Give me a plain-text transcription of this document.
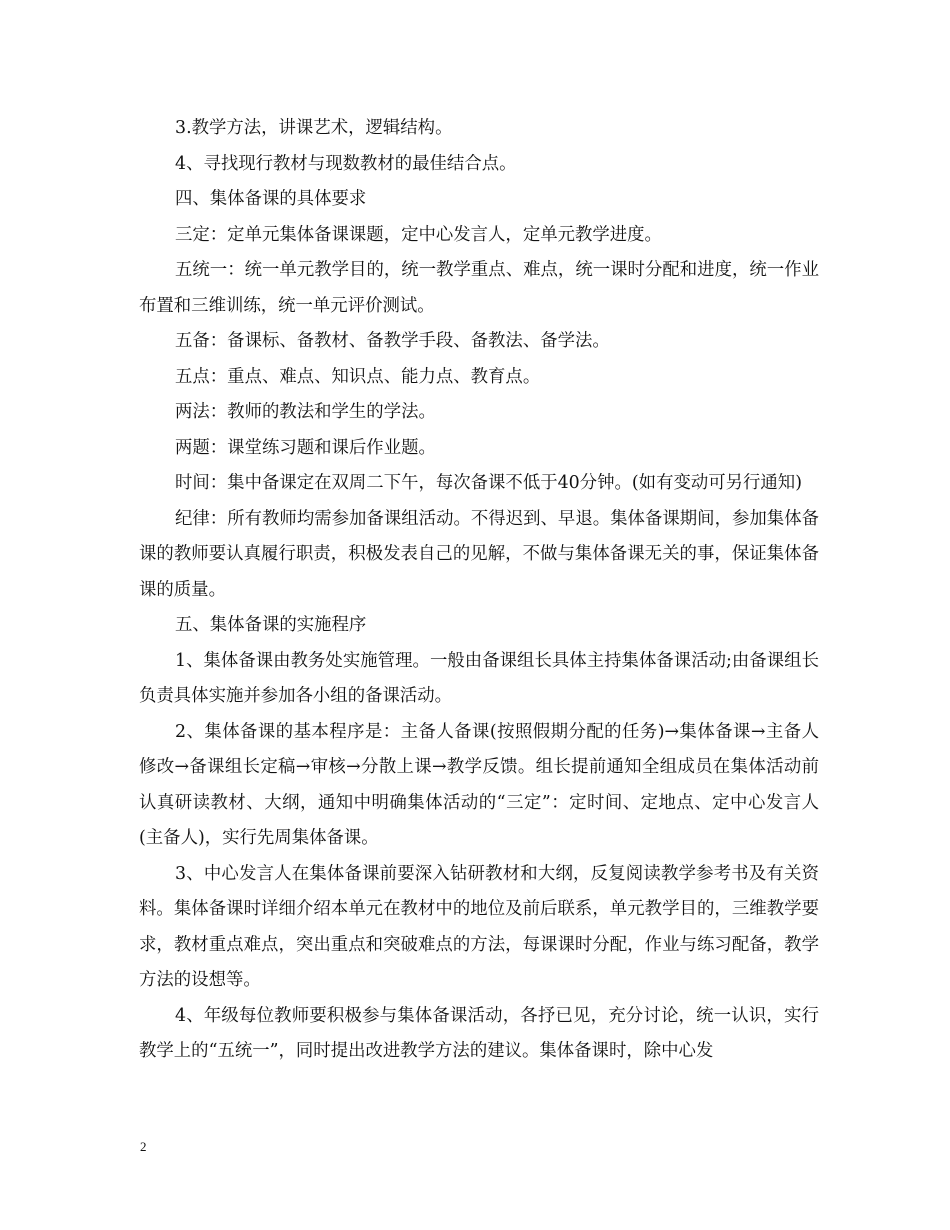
3.教学方法，讲课艺术，逻辑结构。

4、寻找现行教材与现数教材的最佳结合点。

四、集体备课的具体要求

三定：定单元集体备课课题，定中心发言人，定单元教学进度。

五统一：统一单元教学目的，统一教学重点、难点，统一课时分配和进度，统一作业布置和三维训练，统一单元评价测试。

五备：备课标、备教材、备教学手段、备教法、备学法。

五点：重点、难点、知识点、能力点、教育点。

两法：教师的教法和学生的学法。

两题：课堂练习题和课后作业题。

时间：集中备课定在双周二下午，每次备课不低于40分钟。(如有变动可另行通知)

纪律：所有教师均需参加备课组活动。不得迟到、早退。集体备课期间，参加集体备课的教师要认真履行职责，积极发表自己的见解，不做与集体备课无关的事，保证集体备课的质量。

五、集体备课的实施程序

1、集体备课由教务处实施管理。一般由备课组长具体主持集体备课活动;由备课组长负责具体实施并参加各小组的备课活动。

2、集体备课的基本程序是：主备人备课(按照假期分配的任务)→集体备课→主备人修改→备课组长定稿→审核→分散上课→教学反馈。组长提前通知全组成员在集体活动前认真研读教材、大纲，通知中明确集体活动的“三定”：定时间、定地点、定中心发言人(主备人)，实行先周集体备课。

3、中心发言人在集体备课前要深入钻研教材和大纲，反复阅读教学参考书及有关资料。集体备课时详细介绍本单元在教材中的地位及前后联系，单元教学目的，三维教学要求，教材重点难点，突出重点和突破难点的方法，每课课时分配，作业与练习配备，教学方法的设想等。

4、年级每位教师要积极参与集体备课活动，各抒已见，充分讨论，统一认识，实行教学上的“五统一”，同时提出改进教学方法的建议。集体备课时，除中心发

2
